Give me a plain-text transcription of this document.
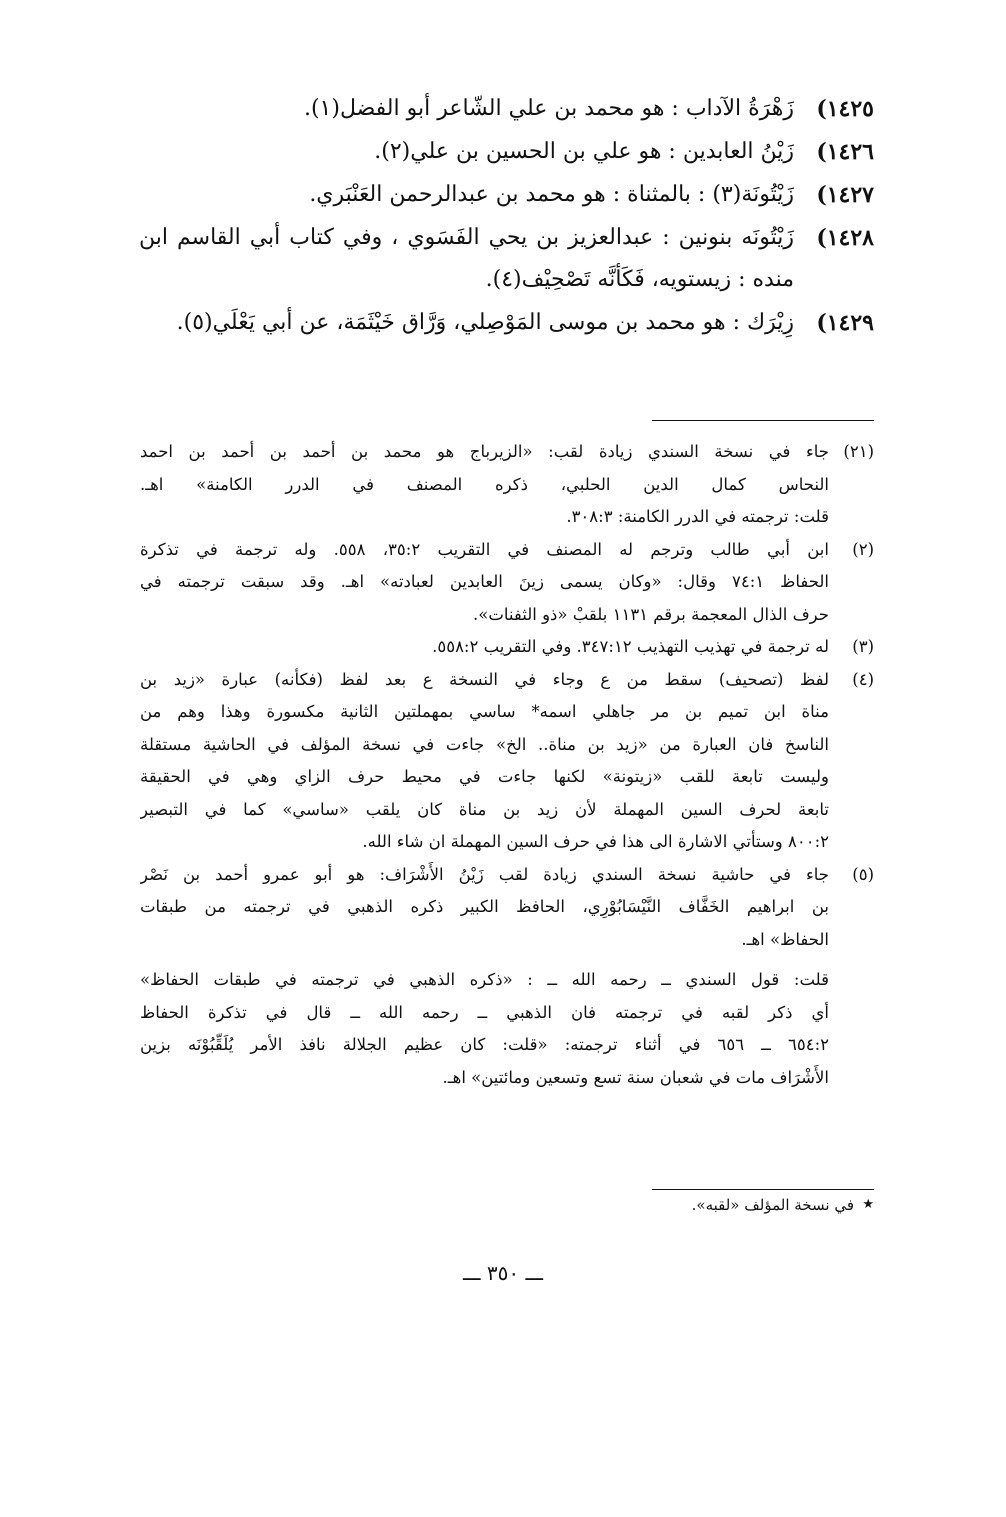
١٤٢٥)
زَهْرَةُ الآداب : هو محمد بن علي الشّاعر أبو الفضل(١).
١٤٢٦)
زَيْنُ العابدين : هو علي بن الحسين بن علي(٢).
١٤٢٧)
زَيْتُونَة(٣) : بالمثناة : هو محمد بن عبدالرحمن العَنْبَري.
١٤٢٨)
زَيْتُونَه بنونين : عبدالعزيز بن يحي الفَسَوي ، وفي كتاب أبي القاسم ابن منده : زيستويه، فَكَأنَّه تَصْحِيْف(٤).
١٤٢٩)
زِيْرَك : هو محمد بن موسى المَوْصِلي، وَرَّاق خَيْثَمَة، عن أبي يَعْلَي(٥).
(٢١)
جاء في نسخة السندي زيادة لقب: «الزيرباج هو محمد بن أحمد بن أحمد بن احمد
النحاس كمال الدين الحلبي، ذكره المصنف في الدرر الكامنة» اهـ.
قلت: ترجمته في الدرر الكامنة: ٣٠٨:٣.
(٢)
ابن أبي طالب وترجم له المصنف في التقريب ٣٥:٢، ٥٥٨. وله ترجمة في تذكرة
الحفاظ ٧٤:١ وقال: «وكان يسمى زينَ العابدين لعبادته» اهـ. وقد سبقت ترجمته في
حرف الذال المعجمة برقم ١١٣١ بلقبْ «ذو الثفنات».
(٣)
له ترجمة في تهذيب التهذيب ٣٤٧:١٢. وفي التقريب ٥٥٨:٢.
(٤)
لفظ (تصحيف) سقط من ع وجاء في النسخة ع بعد لفظ (فكأنه) عبارة «زيد بن
مناة ابن تميم بن مر جاهلي اسمه* ساسي بمهملتين الثانية مكسورة وهذا وهم من
الناسخ فان العبارة من «زيد بن مناة.. الخ» جاءت في نسخة المؤلف في الحاشية مستقلة
وليست تابعة للقب «زيتونة» لكنها جاءت في محيط حرف الزاي وهي في الحقيقة
تابعة لحرف السين المهملة لأن زيد بن مناة كان يلقب «ساسي» كما في التبصير
٨٠٠:٢ وستأتي الاشارة الى هذا في حرف السين المهملة ان شاء الله.
(٥)
جاء في حاشية نسخة السندي زيادة لقب زَيْنُ الأَشْرَاف: هو أبو عمرو أحمد بن نَصْر
بن ابراهيم الخَفَّاف النَّيْسَابُوْرِي، الحافظ الكبير ذكره الذهبي في ترجمته من طبقات
الحفاظ» اهـ.
قلت: قول السندي ــ رحمه الله ــ : «ذكره الذهبي في ترجمته في طبقات الحفاظ»
أي ذكر لقبه في ترجمته فان الذهبي ــ رحمه الله ــ قال في تذكرة الحفاظ
٦٥٤:٢ ــ ٦٥٦ في أثناء ترجمته: «قلت: كان عظيم الجلالة نافذ الأمر يُلَقِّبُوْنَه بزين
الأَشْرَاف مات في شعبان سنة تسع وتسعين ومائتين» اهـ.
★
في نسخة المؤلف «لقبه».
ـــ ٣٥٠ ـــ
